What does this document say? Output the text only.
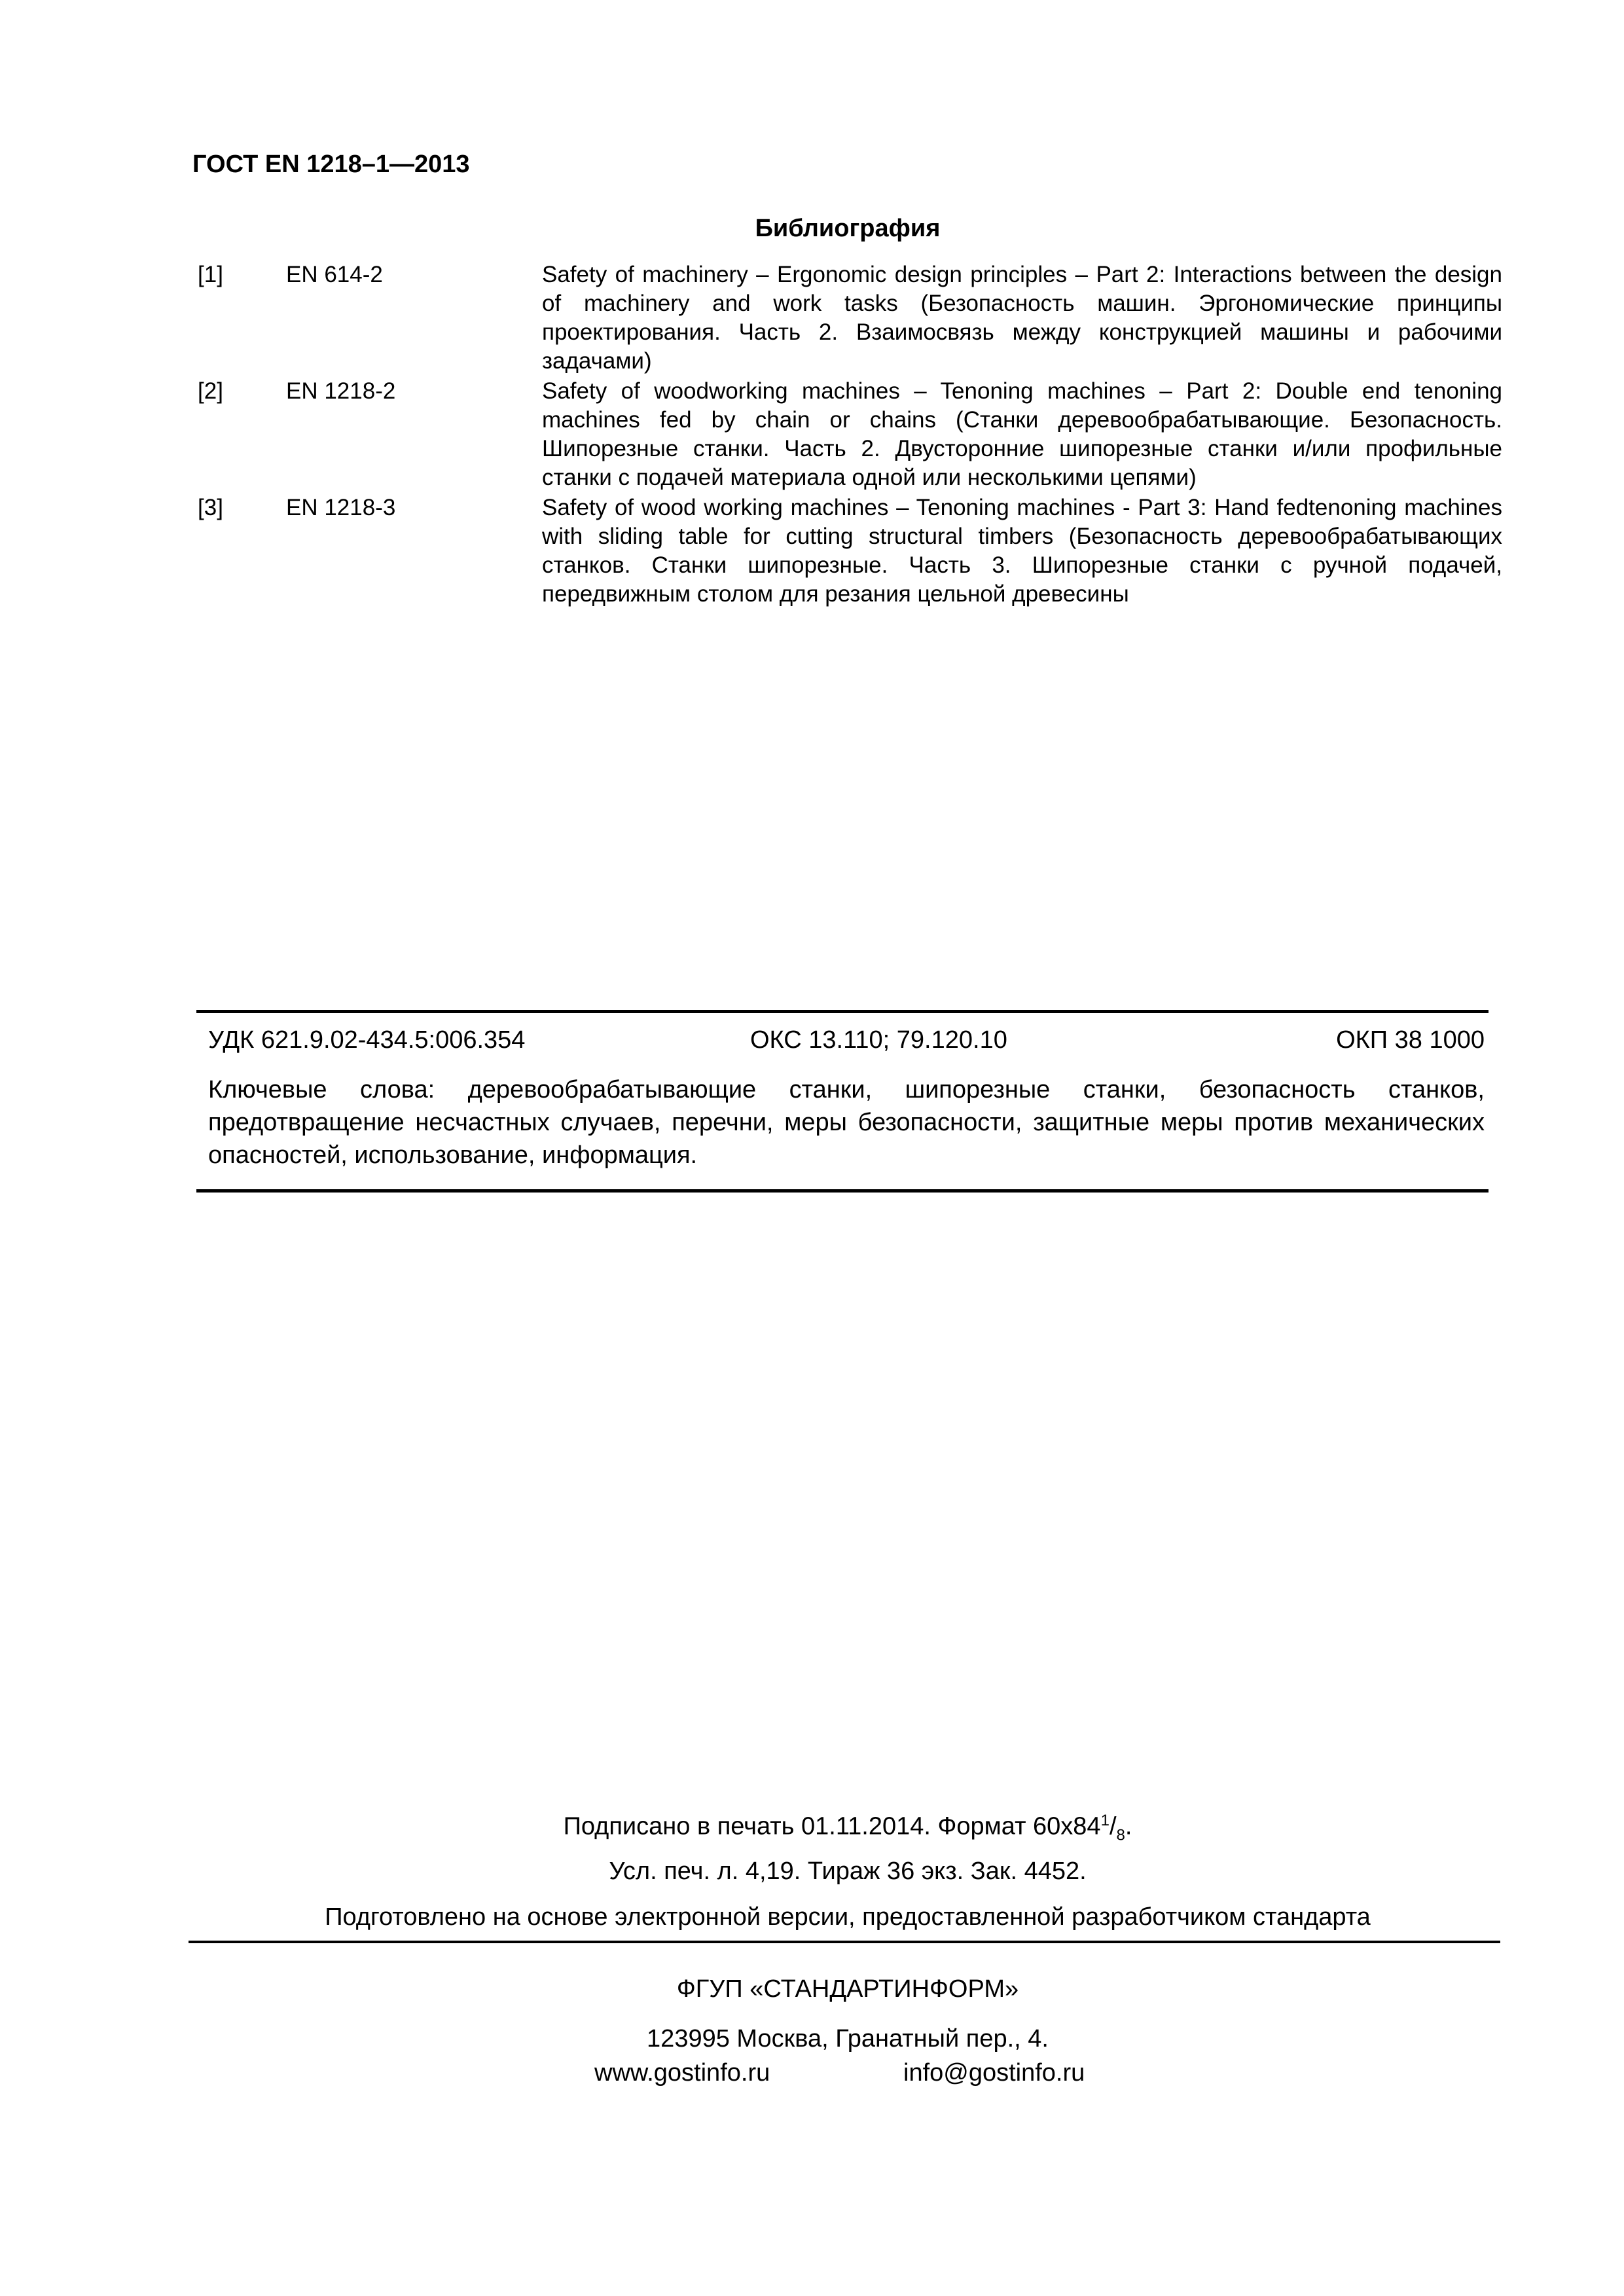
ГОСТ EN 1218–1—2013
Библиография
[1]	EN 614-2	Safety of machinery – Ergonomic design principles – Part 2: Interactions between the design of machinery and work tasks (Безопасность машин. Эргономические принципы проектирования. Часть 2. Взаимосвязь между конструкцией машины и рабочими задачами)
[2]	EN 1218-2	Safety of woodworking machines – Tenoning machines – Part 2: Double end tenoning machines fed by chain or chains (Станки деревообрабатывающие. Безопасность. Шипорезные станки. Часть 2. Двусторонние шипорезные станки и/или профильные станки с подачей материала одной или несколькими цепями)
[3]	EN 1218-3	Safety of wood working machines – Tenoning machines - Part 3: Hand fedtenoning machines with sliding table for cutting structural timbers (Безопасность деревообрабатывающих станков. Станки шипорезные. Часть 3. Шипорезные станки с ручной подачей, передвижным столом для резания цельной древесины
УДК 621.9.02-434.5:006.354	ОКС 13.110; 79.120.10	ОКП 38 1000
Ключевые слова: деревообрабатывающие станки, шипорезные станки, безопасность станков, предотвращение несчастных случаев, перечни, меры безопасности, защитные меры против механических опасностей, использование, информация.
Подписано в печать 01.11.2014. Формат $60x84^1/_8$.
Усл. печ. л. 4,19. Тираж 36 экз. Зак. 4452.
Подготовлено на основе электронной версии, предоставленной разработчиком стандарта
ФГУП «СТАНДАРТИНФОРМ»
123995 Москва, Гранатный пер., 4.
www.gostinfo.ru	info@gostinfo.ru
